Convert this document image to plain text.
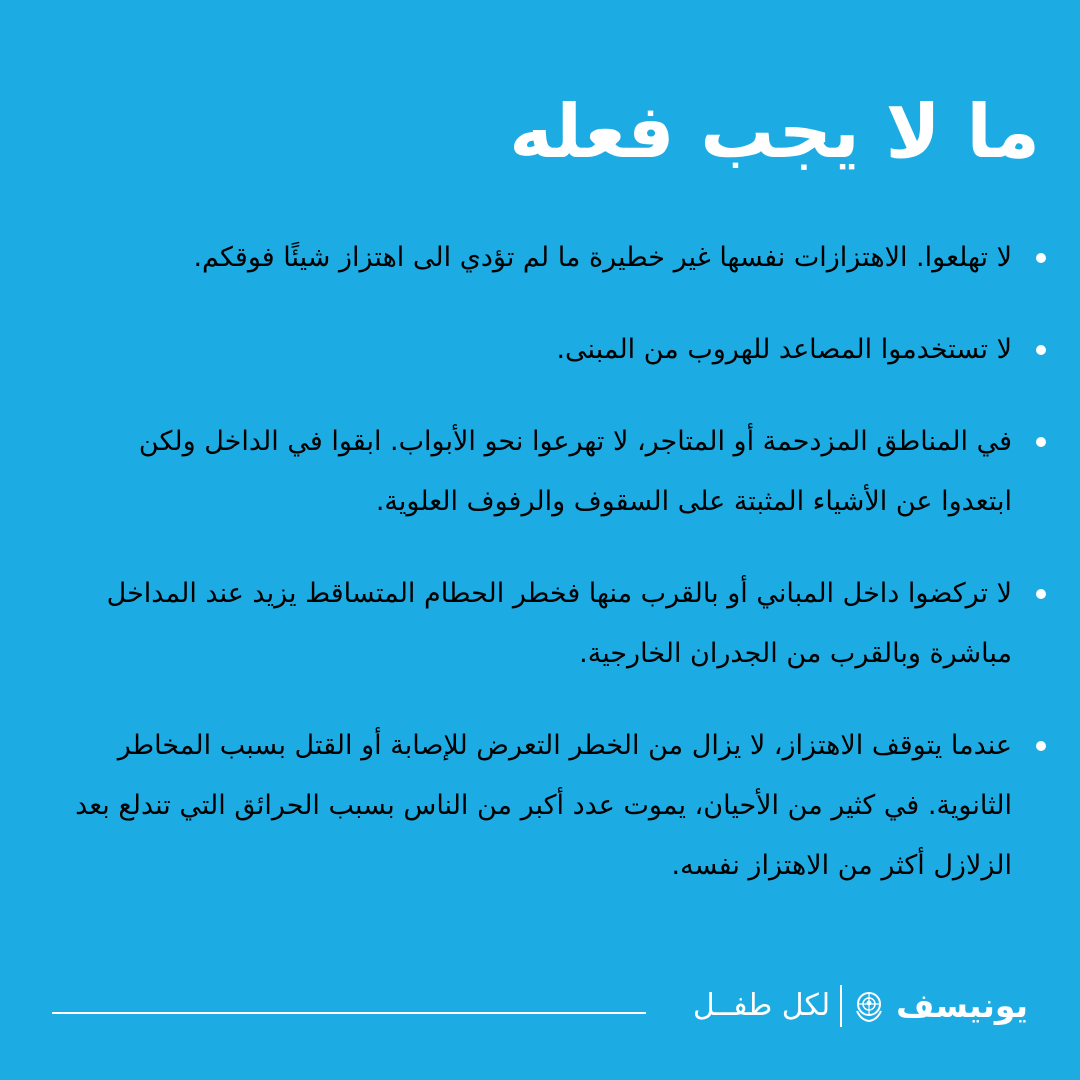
ما لا يجب فعله
لا تهلعوا. الاهتزازات نفسها غير خطيرة ما لم تؤدي الى اهتزاز شيئًا فوقكم.
لا تستخدموا المصاعد للهروب من المبنى.
في المناطق المزدحمة أو المتاجر، لا تهرعوا نحو الأبواب. ابقوا في الداخل ولكن ابتعدوا عن الأشياء المثبتة على السقوف والرفوف العلوية.
لا تركضوا داخل المباني أو بالقرب منها فخطر الحطام المتساقط يزيد عند المداخل مباشرة وبالقرب من الجدران الخارجية.
عندما يتوقف الاهتزاز، لا يزال من الخطر التعرض للإصابة أو القتل بسبب المخاطر الثانوية. في كثير من الأحيان، يموت عدد أكبر من الناس بسبب الحرائق التي تندلع بعد الزلازل أكثر من الاهتزاز نفسه.
يونيسف
لكل طفــل
